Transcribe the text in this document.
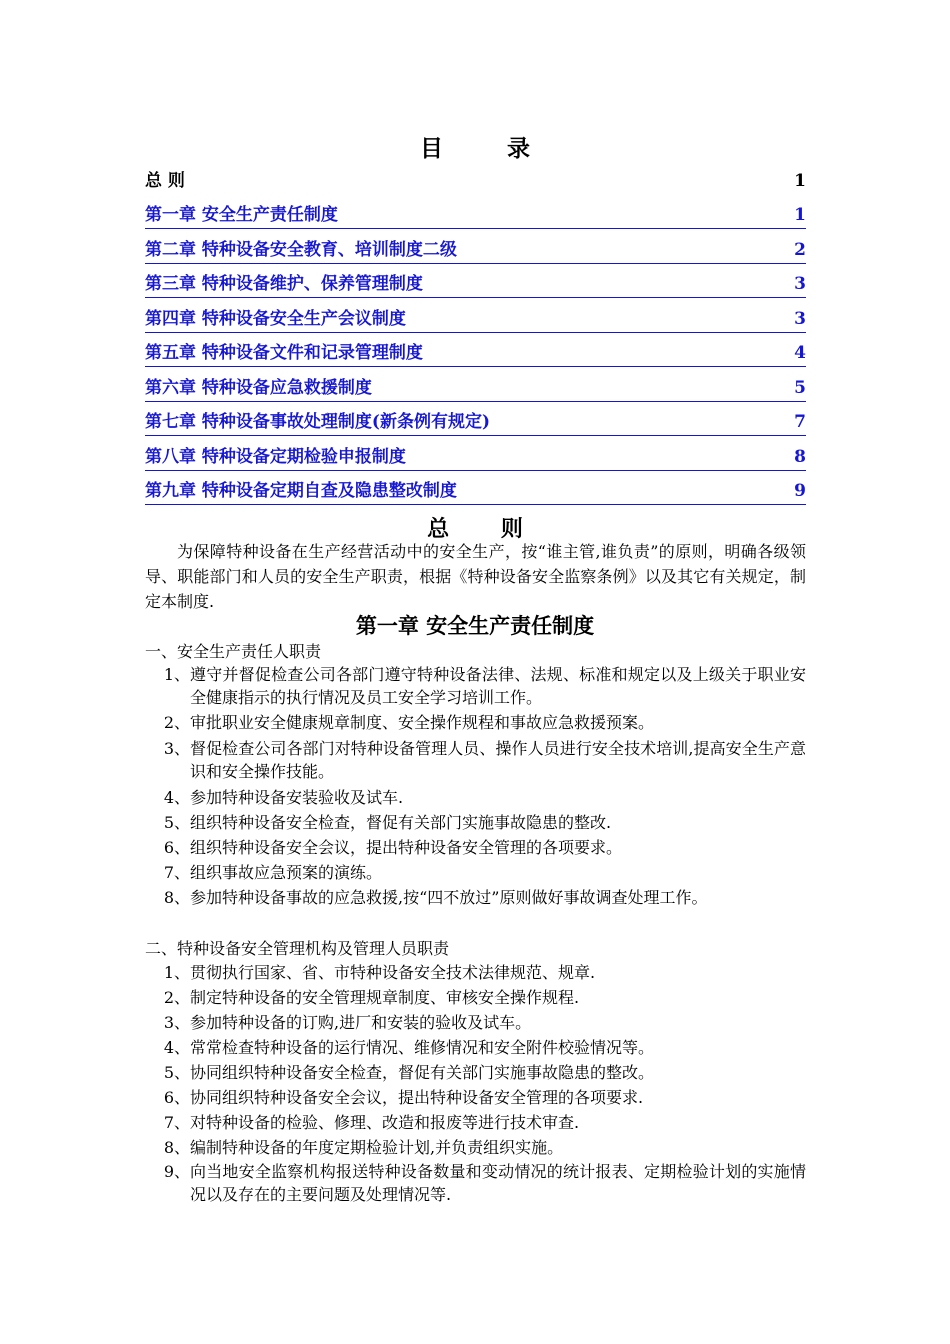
目 录
总 则	1
第一章 安全生产责任制度	1
第二章 特种设备安全教育、培训制度二级	2
第三章 特种设备维护、保养管理制度	3
第四章 特种设备安全生产会议制度	3
第五章 特种设备文件和记录管理制度	4
第六章 特种设备应急救援制度	5
第七章 特种设备事故处理制度(新条例有规定)	7
第八章 特种设备定期检验申报制度	8
第九章 特种设备定期自查及隐患整改制度	9
总 则

为保障特种设备在生产经营活动中的安全生产，按“谁主管,谁负责”的原则，明确各级领导、职能部门和人员的安全生产职责，根据《特种设备安全监察条例》以及其它有关规定，制定本制度.

第一章 安全生产责任制度
一、安全生产责任人职责
1、 遵守并督促检查公司各部门遵守特种设备法律、法规、标准和规定以及上级关于职业安全健康指示的执行情况及员工安全学习培训工作。
2、 审批职业安全健康规章制度、安全操作规程和事故应急救援预案。
3、 督促检查公司各部门对特种设备管理人员、操作人员进行安全技术培训,提高安全生产意识和安全操作技能。
4、 参加特种设备安装验收及试车.
5、 组织特种设备安全检查，督促有关部门实施事故隐患的整改.
6、 组织特种设备安全会议，提出特种设备安全管理的各项要求。
7、 组织事故应急预案的演练。
8、 参加特种设备事故的应急救援,按“四不放过”原则做好事故调查处理工作。
二、特种设备安全管理机构及管理人员职责
1、 贯彻执行国家、省、市特种设备安全技术法律规范、规章.
2、 制定特种设备的安全管理规章制度、审核安全操作规程.
3、 参加特种设备的订购,进厂和安装的验收及试车。
4、 常常检查特种设备的运行情况、维修情况和安全附件校验情况等。
5、 协同组织特种设备安全检查，督促有关部门实施事故隐患的整改。
6、 协同组织特种设备安全会议，提出特种设备安全管理的各项要求.
7、 对特种设备的检验、修理、改造和报废等进行技术审查.
8、 编制特种设备的年度定期检验计划,并负责组织实施。
9、 向当地安全监察机构报送特种设备数量和变动情况的统计报表、定期检验计划的实施情况以及存在的主要问题及处理情况等.
